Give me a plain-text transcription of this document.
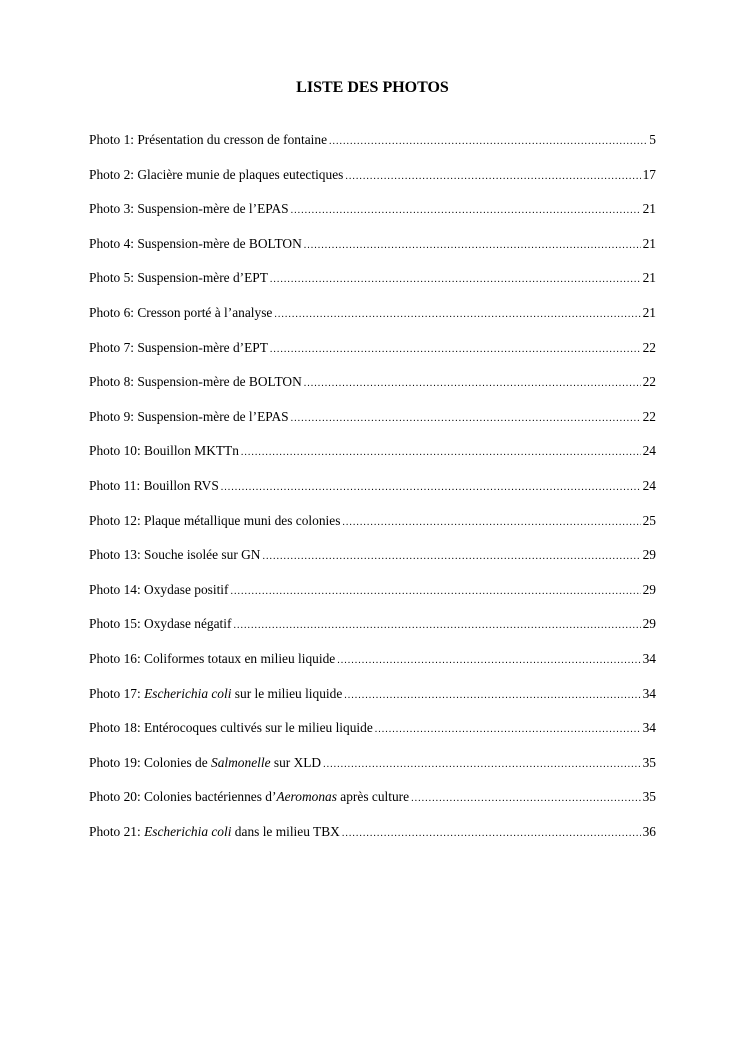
LISTE DES PHOTOS
Photo 1: Présentation du cresson de fontaine .....	5
Photo 2: Glacière munie de plaques eutectiques .....	17
Photo 3: Suspension-mère de l’EPAS .....	21
Photo 4: Suspension-mère de BOLTON .....	21
Photo 5: Suspension-mère d’EPT .....	21
Photo 6: Cresson porté à l’analyse .....	21
Photo 7: Suspension-mère d’EPT .....	22
Photo 8: Suspension-mère de BOLTON .....	22
Photo 9: Suspension-mère de l’EPAS .....	22
Photo 10: Bouillon MKTTn .....	24
Photo 11: Bouillon RVS .....	24
Photo 12: Plaque métallique muni des colonies .....	25
Photo 13: Souche isolée sur GN .....	29
Photo 14: Oxydase positif .....	29
Photo 15: Oxydase négatif .....	29
Photo 16: Coliformes totaux en milieu liquide .....	34
Photo 17: Escherichia coli sur le milieu liquide .....	34
Photo 18: Entérocoques cultivés sur le milieu liquide .....	34
Photo 19: Colonies de Salmonelle sur XLD .....	35
Photo 20: Colonies bactériennes d’Aeromonas après culture .....	35
Photo 21: Escherichia coli dans le milieu TBX .....	36
